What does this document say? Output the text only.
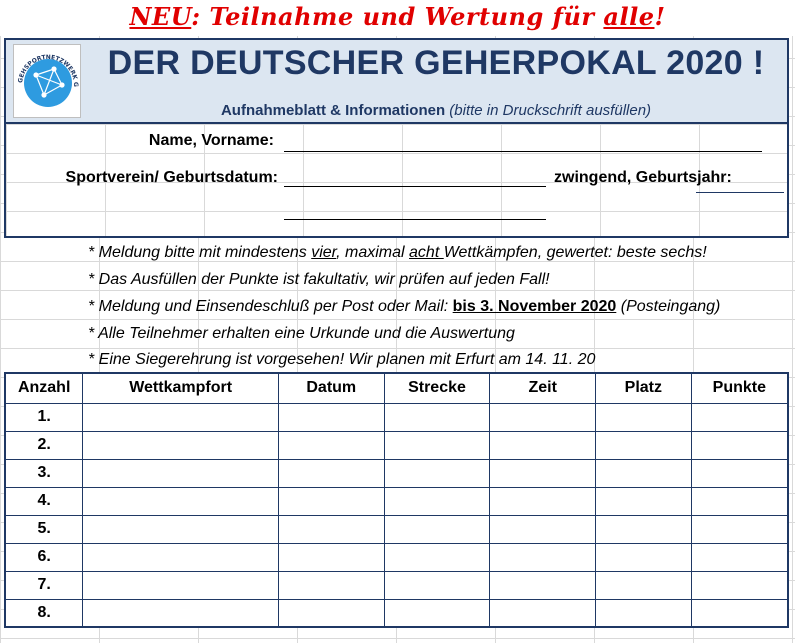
NEU: Teilnahme und Wertung für alle!
GEHSPORTNETZWERK G
DER DEUTSCHER GEHERPOKAL 2020 !
Aufnahmeblatt & Informationen (bitte in Druckschrift ausfüllen)
Name, Vorname:
Sportverein/ Geburtsdatum:	zwingend, Geburtsjahr:
* Meldung bitte mit mindestens vier, maximal acht Wettkämpfen, gewertet: beste sechs!
* Das Ausfüllen der Punkte ist fakultativ, wir prüfen auf jeden Fall!
* Meldung und Einsendeschluß per Post oder Mail: bis 3. November 2020 (Posteingang)
* Alle Teilnehmer erhalten eine Urkunde und die Auswertung
* Eine Siegerehrung ist vorgesehen! Wir planen mit Erfurt am 14. 11. 20
Anzahl	Wettkampfort	Datum	Strecke	Zeit	Platz	Punkte
1.						
2.						
3.						
4.						
5.						
6.						
7.						
8.						
